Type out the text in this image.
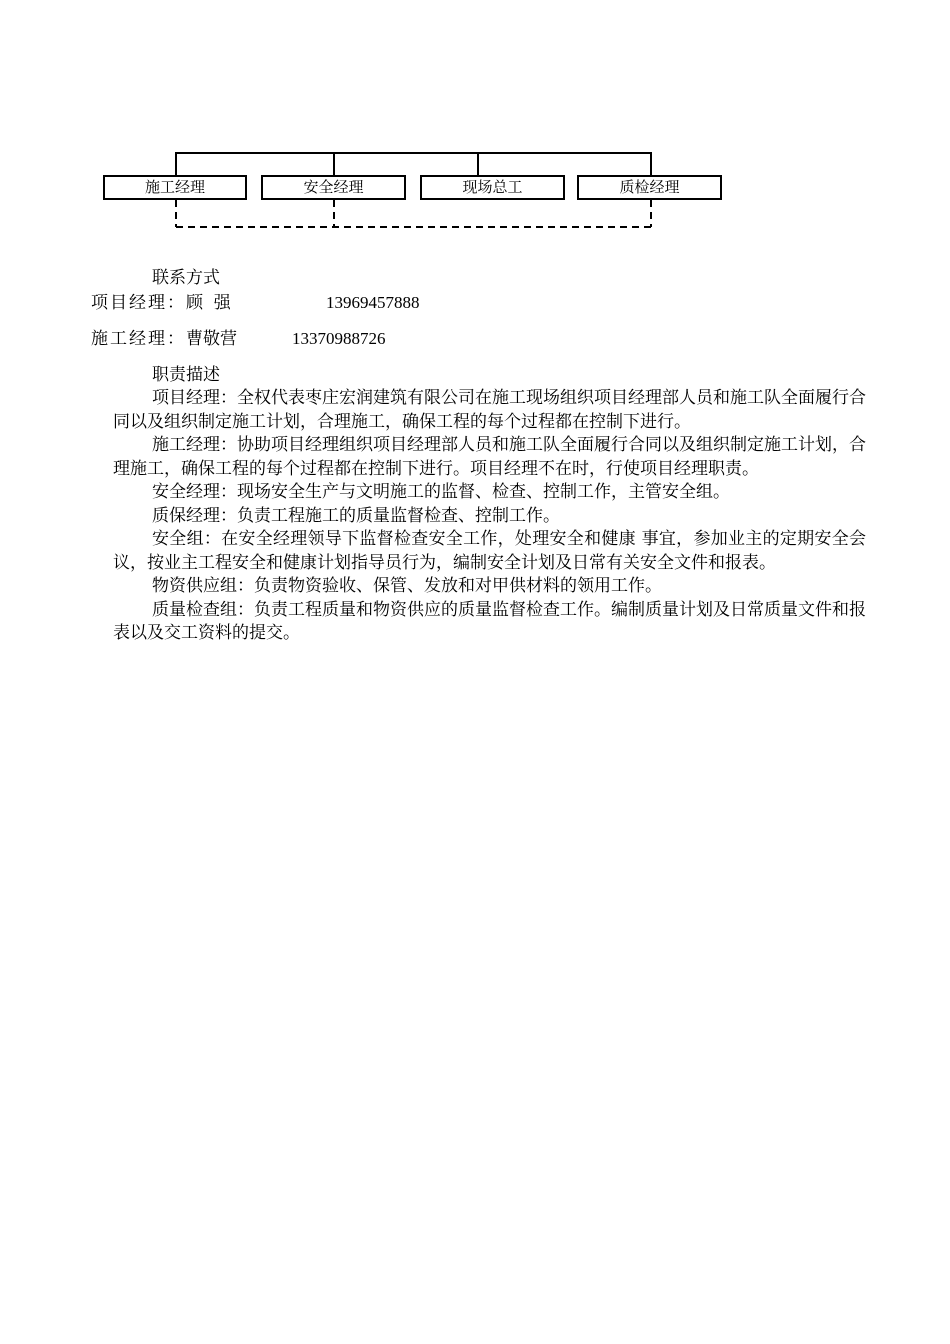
施工经理	安全经理	现场总工	质检经理
联系方式
项目经理：顾  强	13969457888
施工经理：曹敬营	13370988726
职责描述

项目经理：全权代表枣庄宏润建筑有限公司在施工现场组织项目经理部人员和施工队全面履行合同以及组织制定施工计划，合理施工，确保工程的每个过程都在控制下进行。

施工经理：协助项目经理组织项目经理部人员和施工队全面履行合同以及组织制定施工计划，合理施工，确保工程的每个过程都在控制下进行。项目经理不在时，行使项目经理职责。

安全经理：现场安全生产与文明施工的监督、检查、控制工作，主管安全组。

质保经理：负责工程施工的质量监督检查、控制工作。

安全组：在安全经理领导下监督检查安全工作，处理安全和健康 事宜，参加业主的定期安全会议，按业主工程安全和健康计划指导员行为，编制安全计划及日常有关安全文件和报表。

物资供应组：负责物资验收、保管、发放和对甲供材料的领用工作。

质量检查组：负责工程质量和物资供应的质量监督检查工作。编制质量计划及日常质量文件和报表以及交工资料的提交。
